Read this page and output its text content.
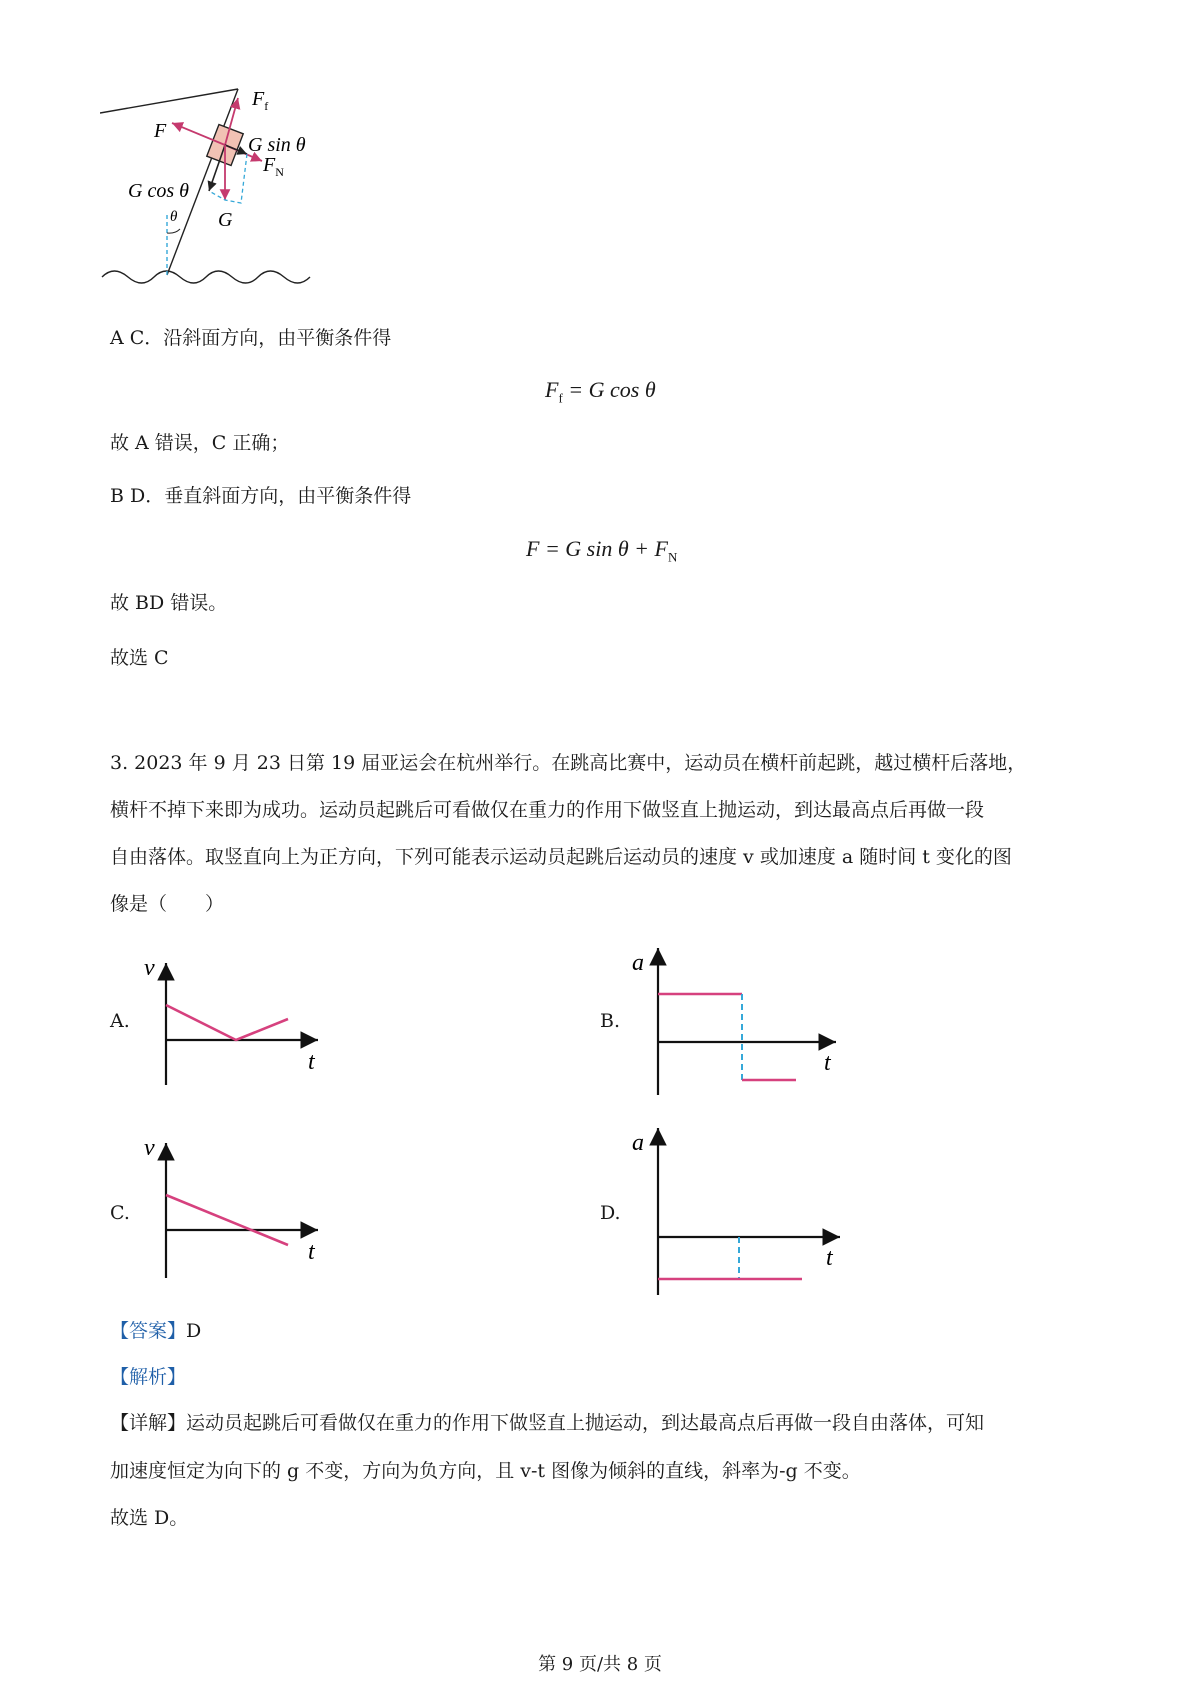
$F_f$
F
G sin θ
$F_N$
G cos θ
θ G
A C．沿斜面方向，由平衡条件得
$F_f = G$ cos θ
故 A 错误，C 正确；
B D．垂直斜面方向，由平衡条件得
F = G $\sin \theta + F_N$
故 BD 错误。
故选 C
3. 2023 年 9 月 23 日第 19 届亚运会在杭州举行。在跳高比赛中，运动员在横杆前起跳，越过横杆后落地，
横杆不掉下来即为成功。运动员起跳后可看做仅在重力的作用下做竖直上抛运动，到达最高点后再做一段
自由落体。取竖直向上为正方向，下列可能表示运动员起跳后运动员的速度 v 或加速度 a 随时间 t 变化的图
像是（　　）
A.
v
t
B.
a
t
C.
v
t
D.
a
t
【答案】D
【解析】
【详解】运动员起跳后可看做仅在重力的作用下做竖直上抛运动，到达最高点后再做一段自由落体，可知
加速度恒定为向下的 g 不变，方向为负方向，且 v-t 图像为倾斜的直线，斜率为-g 不变。
故选 D。
第 9 页/共 8 页
